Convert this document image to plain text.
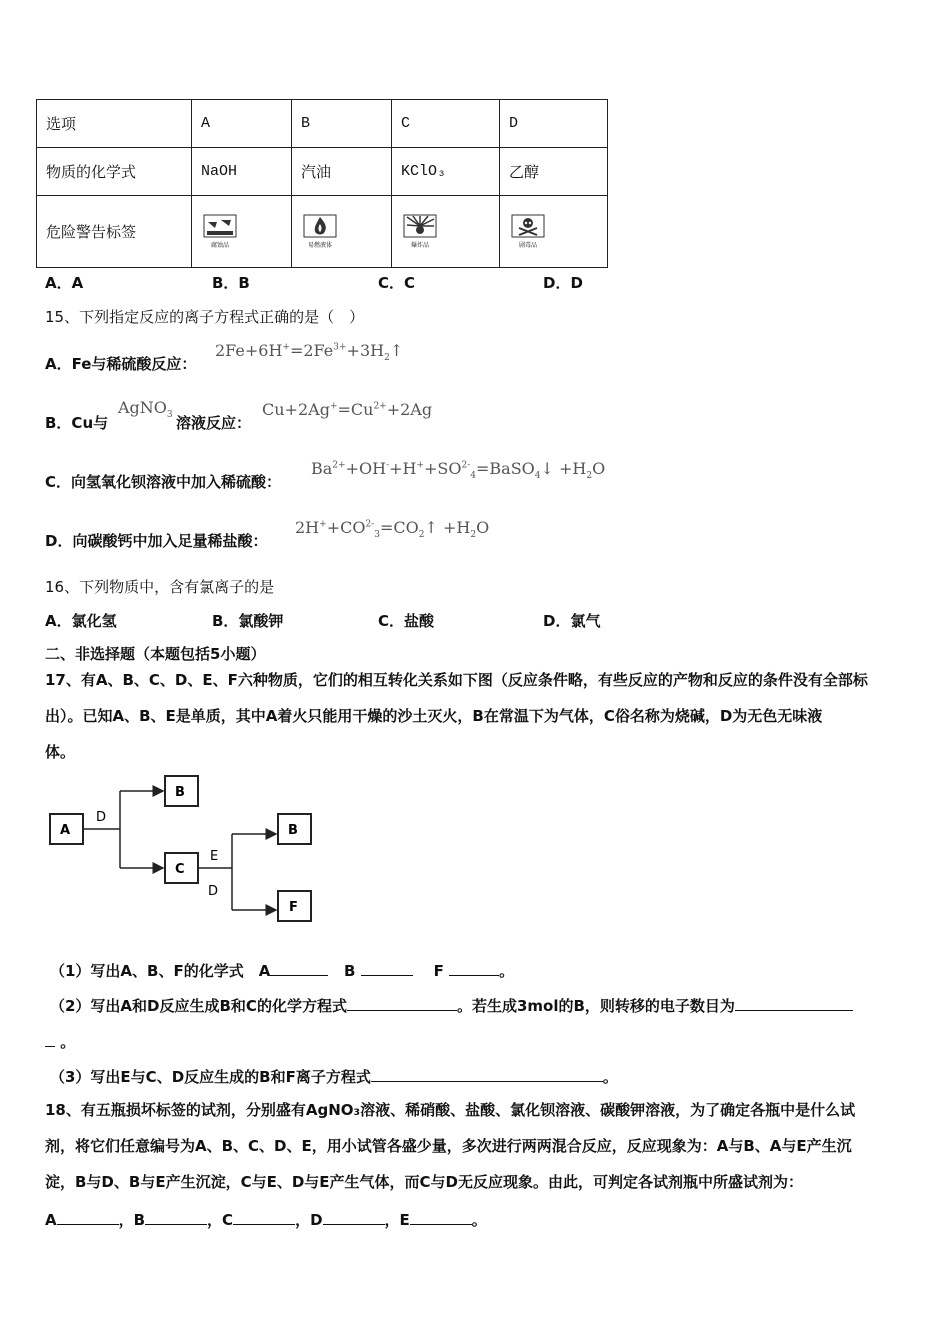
选项	A	B	C	D
物质的化学式	NaOH	汽油	KClO₃	乙醇
危险警告标签	腐蚀品	易燃液体	爆炸品	剧毒品
A．A	B．B	C．C	D．D
15、下列指定反应的离子方程式正确的是（　）
A．Fe与稀硫酸反应：
$2Fe+6H^+=2Fe^{3+}+3H_2↑$
B．Cu与
AgNO$_3$ 溶液反应：
$Cu+2Ag^+=Cu^{2+}+2Ag$
C．向氢氧化钡溶液中加入稀硫酸：
$Ba^{2+}+OH^-+H^++SO^{2-}_4=BaSO_4↓ +H_2O$
D．向碳酸钙中加入足量稀盐酸：
$2H^++CO^{2-}_3=CO_2↑ +H_2O$
16、下列物质中，含有氯离子的是
A．氯化氢	B．氯酸钾	C．盐酸	D．氯气
二、非选择题（本题包括5小题）
17、有A、B、C、D、E、F六种物质，它们的相互转化关系如下图（反应条件略，有些反应的产物和反应的条件没有全部标
出）。已知A、B、E是单质，其中A着火只能用干燥的沙土灭火，B在常温下为气体，C俗名称为烧碱，D为无色无味液
体。
A
B
C
B
F
D
E
D
（1）写出A、B、F的化学式　A	B	F	。
（2）写出A和D反应生成B和C的化学方程式	。若生成3mol的B，则转移的电子数目为
。
（3）写出E与C、D反应生成的B和F离子方程式	。
18、有五瓶损坏标签的试剂，分别盛有AgNO₃溶液、稀硝酸、盐酸、氯化钡溶液、碳酸钾溶液，为了确定各瓶中是什么试
剂，将它们任意编号为A、B、C、D、E，用小试管各盛少量，多次进行两两混合反应，反应现象为：A与B、A与E产生沉
淀，B与D、B与E产生沉淀，C与E、D与E产生气体，而C与D无反应现象。由此，可判定各试剂瓶中所盛试剂为：
A	，B	，C	，D	，E	。
